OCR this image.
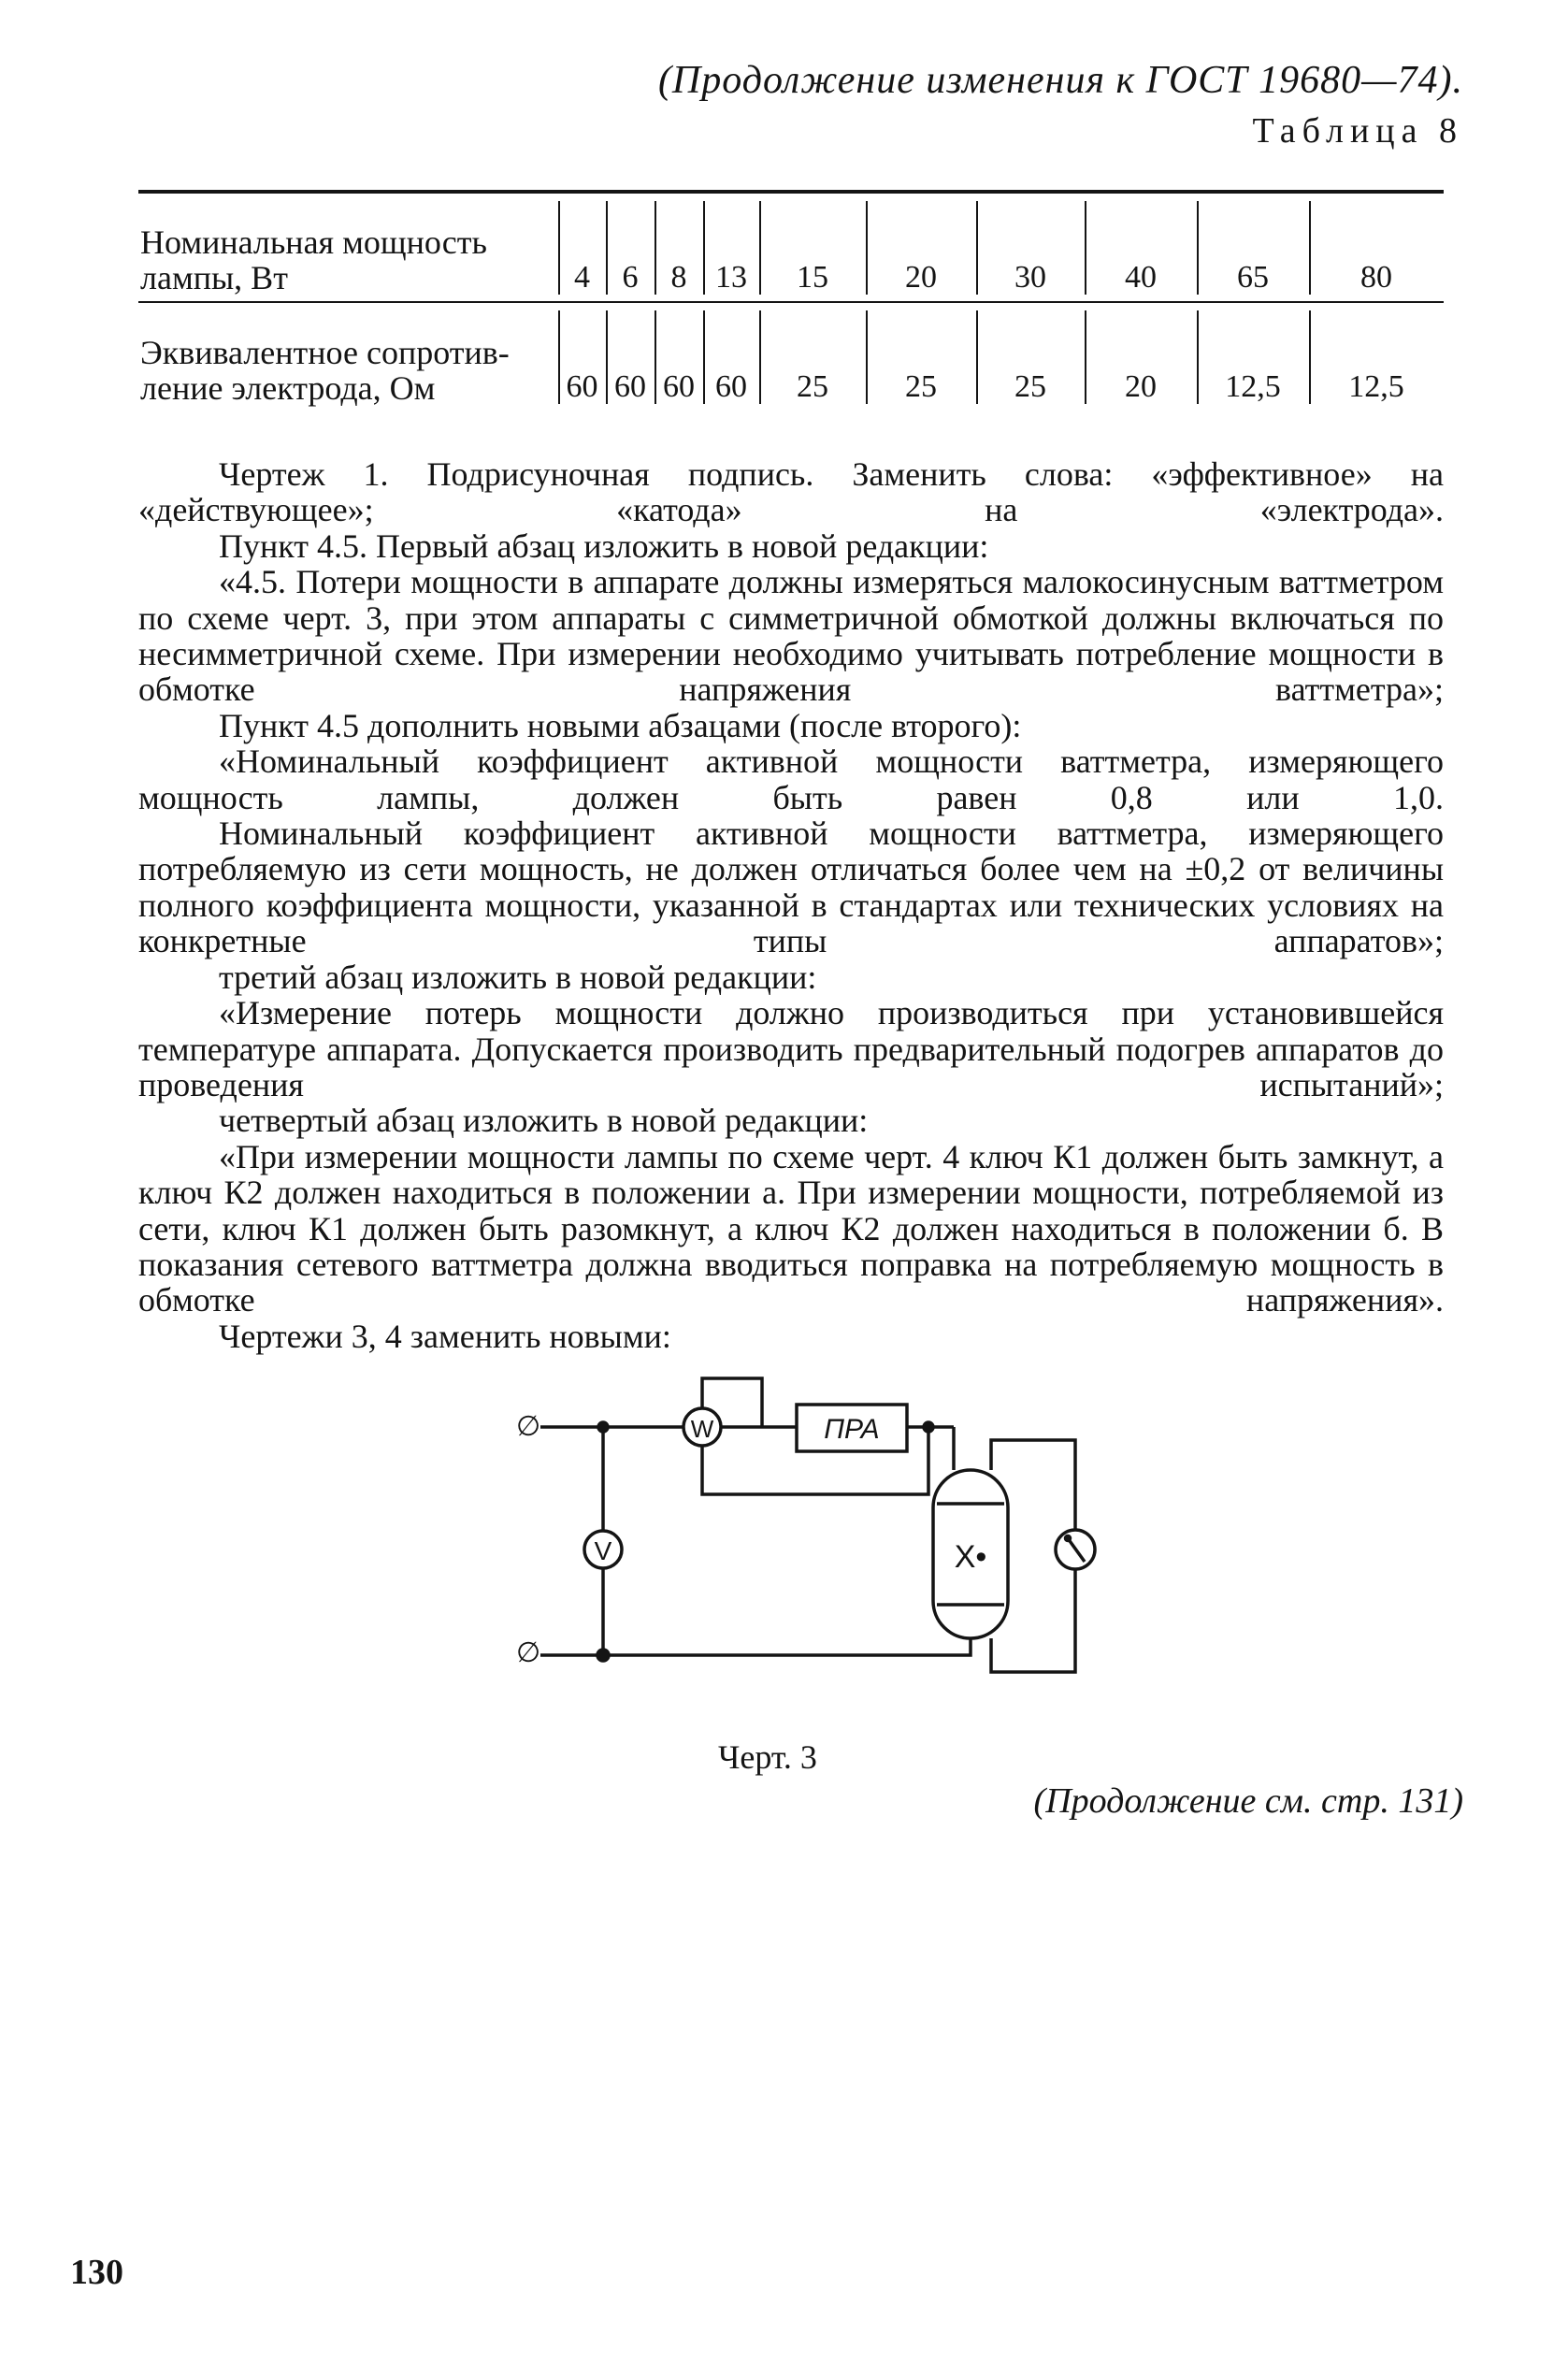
(Продолжение изменения к ГОСТ 19680—74).
Таблица 8
Номинальная мощность лампы, Вт
Эквивалентное сопротив-ление электрода, Ом
4
60
6
60
8
60
13
60
15
25
20
25
30
25
40
20
65
12,5
80
12,5

Чертеж 1. Подрисуночная подпись. Заменить слова: «эффективное» на «действующее»; «катода» на «электрода».

Пункт 4.5. Первый абзац изложить в новой редакции:

«4.5. Потери мощности в аппарате должны измеряться малокосинусным ваттметром по схеме черт. 3, при этом аппараты с симметричной обмоткой должны включаться по несимметричной схеме. При измерении необходимо учитывать потребление мощности в обмотке напряжения ваттметра»;

Пункт 4.5 дополнить новыми абзацами (после второго):

«Номинальный коэффициент активной мощности ваттметра, измеряющего мощность лампы, должен быть равен 0,8 или 1,0.

Номинальный коэффициент активной мощности ваттметра, измеряющего потребляемую из сети мощность, не должен отличаться более чем на ±0,2 от величины полного коэффициента мощности, указанной в стандартах или технических условиях на конкретные типы аппаратов»;

третий абзац изложить в новой редакции:

«Измерение потерь мощности должно производиться при установившейся температуре аппарата. Допускается производить предварительный подогрев аппаратов до проведения испытаний»;

четвертый абзац изложить в новой редакции:

«При измерении мощности лампы по схеме черт. 4 ключ К1 должен быть замкнут, а ключ К2 должен находиться в положении а. При измерении мощности, потребляемой из сети, ключ К1 должен быть разомкнут, а ключ К2 должен находиться в положении б. В показания сетевого ваттметра должна вводиться поправка на потребляемую мощность в обмотке напряжения».

Чертежи 3, 4 заменить новыми:

∅
∅
V
W	ПРА
X•
Черт. 3
(Продолжение см. стр. 131)
130
